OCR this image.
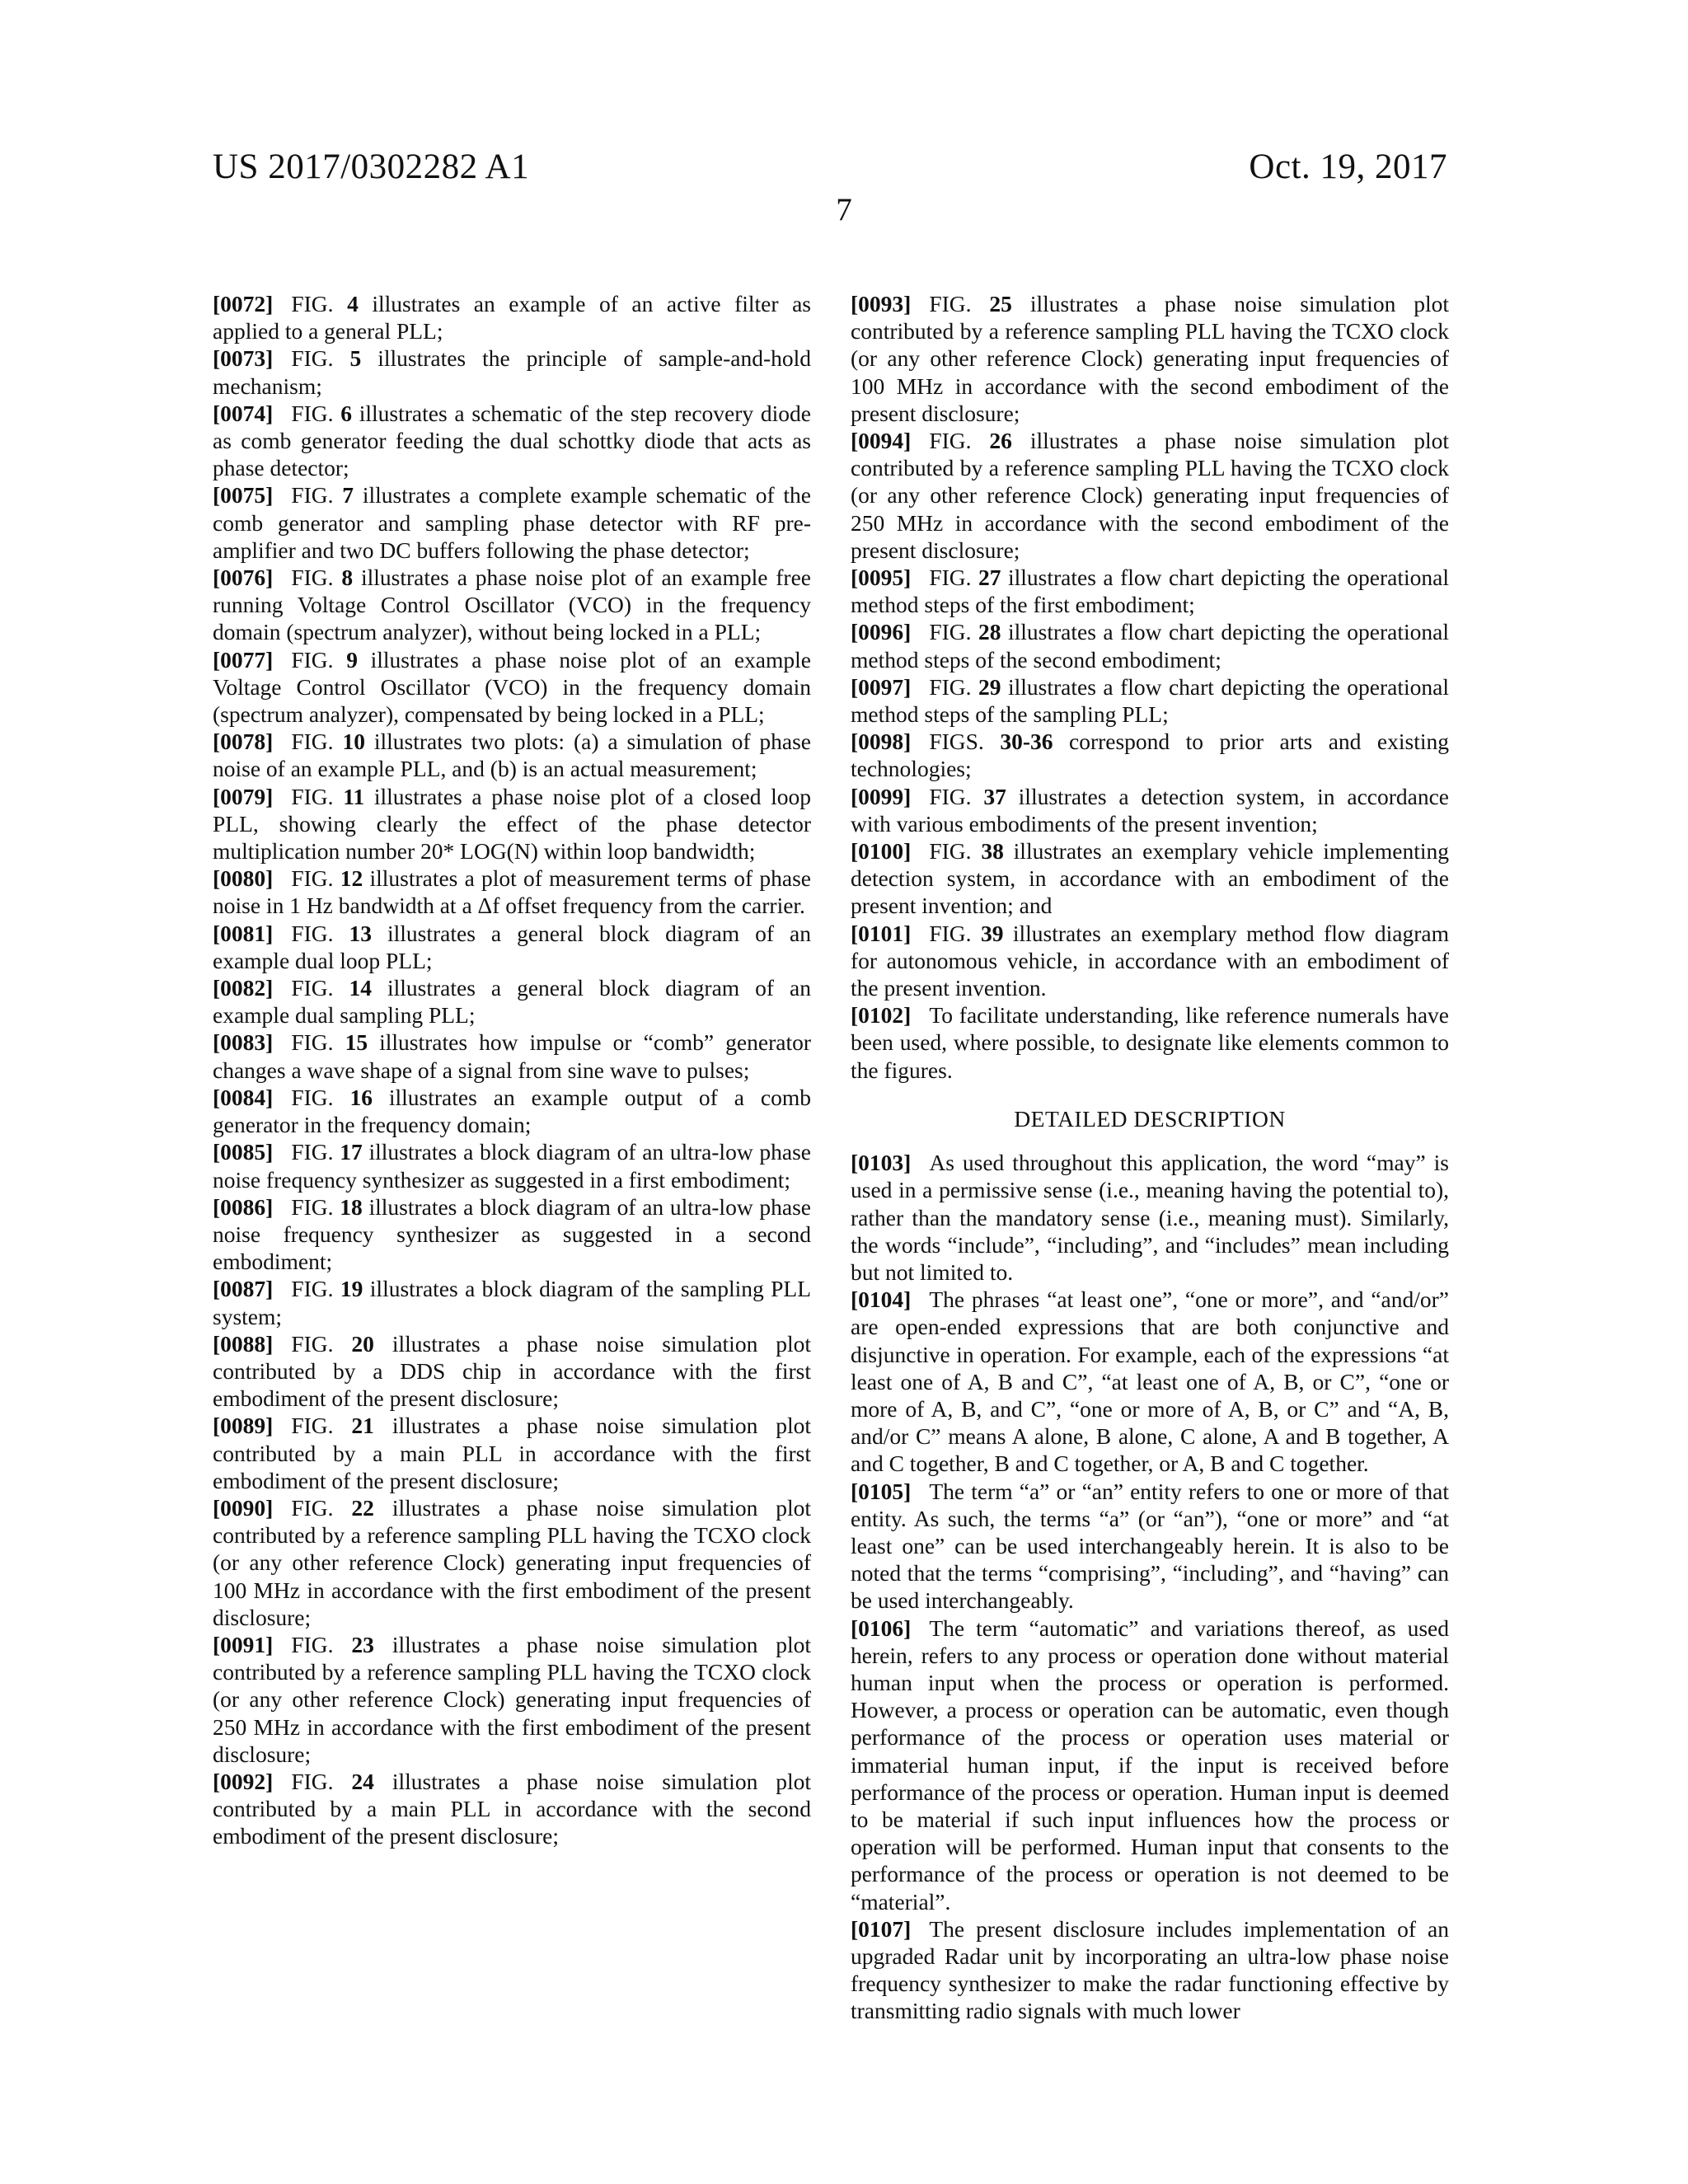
US 2017/0302282 A1	Oct. 19, 2017
7

[0072] FIG. 4 illustrates an example of an active filter as applied to a general PLL;

[0073] FIG. 5 illustrates the principle of sample-and-hold mechanism;

[0074] FIG. 6 illustrates a schematic of the step recovery diode as comb generator feeding the dual schottky diode that acts as phase detector;

[0075] FIG. 7 illustrates a complete example schematic of the comb generator and sampling phase detector with RF pre-amplifier and two DC buffers following the phase detector;

[0076] FIG. 8 illustrates a phase noise plot of an example free running Voltage Control Oscillator (VCO) in the frequency domain (spectrum analyzer), without being locked in a PLL;

[0077] FIG. 9 illustrates a phase noise plot of an example Voltage Control Oscillator (VCO) in the frequency domain (spectrum analyzer), compensated by being locked in a PLL;

[0078] FIG. 10 illustrates two plots: (a) a simulation of phase noise of an example PLL, and (b) is an actual measurement;

[0079] FIG. 11 illustrates a phase noise plot of a closed loop PLL, showing clearly the effect of the phase detector multiplication number 20* LOG(N) within loop bandwidth;

[0080] FIG. 12 illustrates a plot of measurement terms of phase noise in 1 Hz bandwidth at a Δf offset frequency from the carrier.

[0081] FIG. 13 illustrates a general block diagram of an example dual loop PLL;

[0082] FIG. 14 illustrates a general block diagram of an example dual sampling PLL;

[0083] FIG. 15 illustrates how impulse or “comb” generator changes a wave shape of a signal from sine wave to pulses;

[0084] FIG. 16 illustrates an example output of a comb generator in the frequency domain;

[0085] FIG. 17 illustrates a block diagram of an ultra-low phase noise frequency synthesizer as suggested in a first embodiment;

[0086] FIG. 18 illustrates a block diagram of an ultra-low phase noise frequency synthesizer as suggested in a second embodiment;

[0087] FIG. 19 illustrates a block diagram of the sampling PLL system;

[0088] FIG. 20 illustrates a phase noise simulation plot contributed by a DDS chip in accordance with the first embodiment of the present disclosure;

[0089] FIG. 21 illustrates a phase noise simulation plot contributed by a main PLL in accordance with the first embodiment of the present disclosure;

[0090] FIG. 22 illustrates a phase noise simulation plot contributed by a reference sampling PLL having the TCXO clock (or any other reference Clock) generating input frequencies of 100 MHz in accordance with the first embodiment of the present disclosure;

[0091] FIG. 23 illustrates a phase noise simulation plot contributed by a reference sampling PLL having the TCXO clock (or any other reference Clock) generating input frequencies of 250 MHz in accordance with the first embodiment of the present disclosure;

[0092] FIG. 24 illustrates a phase noise simulation plot contributed by a main PLL in accordance with the second embodiment of the present disclosure;

[0093] FIG. 25 illustrates a phase noise simulation plot contributed by a reference sampling PLL having the TCXO clock (or any other reference Clock) generating input frequencies of 100 MHz in accordance with the second embodiment of the present disclosure;

[0094] FIG. 26 illustrates a phase noise simulation plot contributed by a reference sampling PLL having the TCXO clock (or any other reference Clock) generating input frequencies of 250 MHz in accordance with the second embodiment of the present disclosure;

[0095] FIG. 27 illustrates a flow chart depicting the operational method steps of the first embodiment;

[0096] FIG. 28 illustrates a flow chart depicting the operational method steps of the second embodiment;

[0097] FIG. 29 illustrates a flow chart depicting the operational method steps of the sampling PLL;

[0098] FIGS. 30-36 correspond to prior arts and existing technologies;

[0099] FIG. 37 illustrates a detection system, in accordance with various embodiments of the present invention;

[0100] FIG. 38 illustrates an exemplary vehicle implementing detection system, in accordance with an embodiment of the present invention; and

[0101] FIG. 39 illustrates an exemplary method flow diagram for autonomous vehicle, in accordance with an embodiment of the present invention.

[0102] To facilitate understanding, like reference numerals have been used, where possible, to designate like elements common to the figures.

DETAILED DESCRIPTION

[0103] As used throughout this application, the word “may” is used in a permissive sense (i.e., meaning having the potential to), rather than the mandatory sense (i.e., meaning must). Similarly, the words “include”, “including”, and “includes” mean including but not limited to.

[0104] The phrases “at least one”, “one or more”, and “and/or” are open-ended expressions that are both conjunctive and disjunctive in operation. For example, each of the expressions “at least one of A, B and C”, “at least one of A, B, or C”, “one or more of A, B, and C”, “one or more of A, B, or C” and “A, B, and/or C” means A alone, B alone, C alone, A and B together, A and C together, B and C together, or A, B and C together.

[0105] The term “a” or “an” entity refers to one or more of that entity. As such, the terms “a” (or “an”), “one or more” and “at least one” can be used interchangeably herein. It is also to be noted that the terms “comprising”, “including”, and “having” can be used interchangeably.

[0106] The term “automatic” and variations thereof, as used herein, refers to any process or operation done without material human input when the process or operation is performed. However, a process or operation can be automatic, even though performance of the process or operation uses material or immaterial human input, if the input is received before performance of the process or operation. Human input is deemed to be material if such input influences how the process or operation will be performed. Human input that consents to the performance of the process or operation is not deemed to be “material”.

[0107] The present disclosure includes implementation of an upgraded Radar unit by incorporating an ultra-low phase noise frequency synthesizer to make the radar functioning effective by transmitting radio signals with much lower
